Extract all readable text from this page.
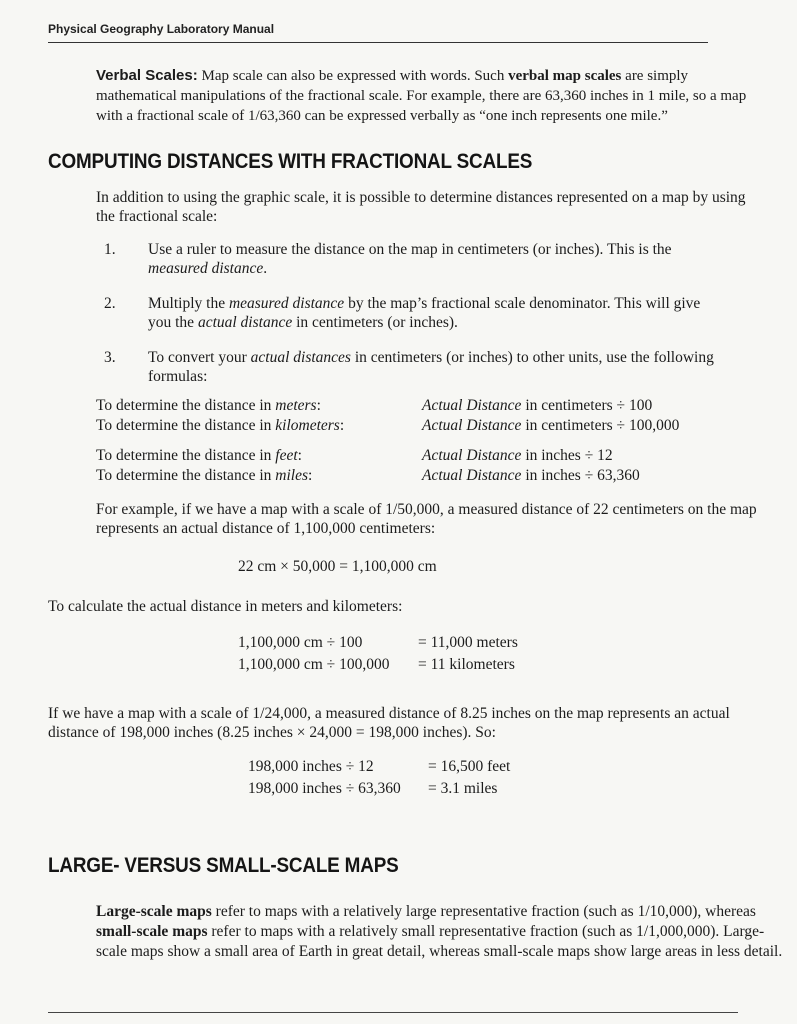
Physical Geography Laboratory Manual

Verbal Scales: Map scale can also be expressed with words. Such verbal map scales are simply mathematical manipulations of the fractional scale. For example, there are 63,360 inches in 1 mile, so a map with a fractional scale of 1/63,360 can be expressed verbally as “one inch represents one mile.”

COMPUTING DISTANCES WITH FRACTIONAL SCALES

In addition to using the graphic scale, it is possible to determine distances represented on a map by using the fractional scale:

1. Use a ruler to measure the distance on the map in centimeters (or inches). This is the measured distance.
2. Multiply the measured distance by the map’s fractional scale denominator. This will give you the actual distance in centimeters (or inches).
3. To convert your actual distances in centimeters (or inches) to other units, use the following formulas:
To determine the distance in meters:	Actual Distance in centimeters ÷ 100
To determine the distance in kilometers:	Actual Distance in centimeters ÷ 100,000
To determine the distance in feet:	Actual Distance in inches ÷ 12
To determine the distance in miles:	Actual Distance in inches ÷ 63,360

For example, if we have a map with a scale of 1/50,000, a measured distance of 22 centimeters on the map represents an actual distance of 1,100,000 centimeters:

22 cm × 50,000 = 1,100,000 cm

To calculate the actual distance in meters and kilometers:

1,100,000 cm ÷ 100	= 11,000 meters
1,100,000 cm ÷ 100,000	= 11 kilometers

If we have a map with a scale of 1/24,000, a measured distance of 8.25 inches on the map represents an actual distance of 198,000 inches (8.25 inches × 24,000 = 198,000 inches). So:

198,000 inches ÷ 12	= 16,500 feet
198,000 inches ÷ 63,360	= 3.1 miles
LARGE- VERSUS SMALL-SCALE MAPS

Large-scale maps refer to maps with a relatively large representative fraction (such as 1/10,000), whereas small-scale maps refer to maps with a relatively small representative fraction (such as 1/1,000,000). Large-scale maps show a small area of Earth in great detail, whereas small-scale maps show large areas in less detail.
